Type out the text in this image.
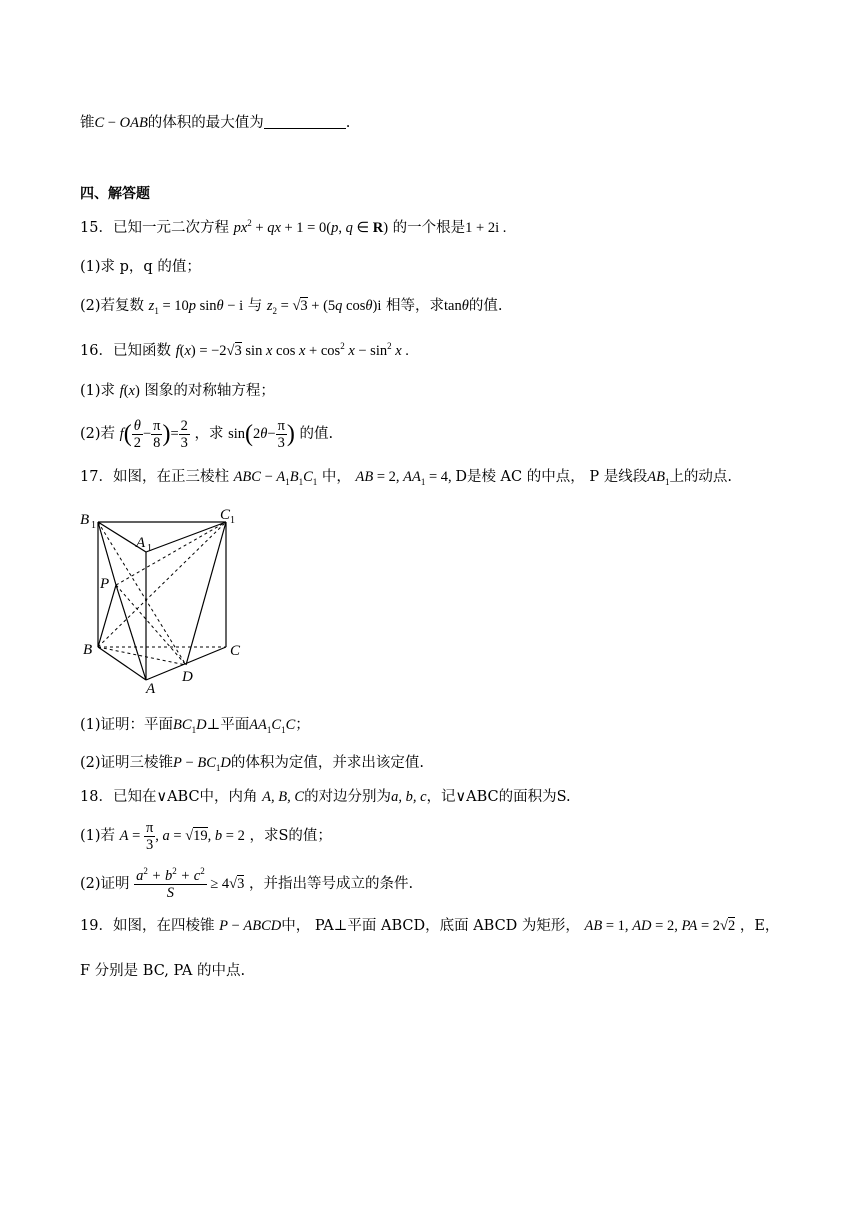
锥C − OAB的体积的最大值为	.
四、解答题
15．已知一元二次方程 $px^2$ + qx + 1 = 0(p, q ∈ R) 的一个根是1 + 2i .
(1)求 p，q 的值；
(2)若复数 $z_1 = 10p$ sinθ − i 与 $z_2 = √3 + (5q$ cosθ)i 相等，求tanθ的值.
16．已知函数 f(x) = −2√3 sin x $\cos x + \cos^2 x - \sin^2 x$ .
(1)求 f(x) 图象的对称轴方程；
(2)若 $f( \frac{\theta}{2} - \frac{\pi}{8}$ )= $\frac{2}{3}$ ，求 $\sin(2\theta- \frac{\pi}{3}$ ) 的值.
17．如图，在正三棱柱 ABC − $A_1B_1C_1$ 中， AB = 2, $AA_1 = 4$, D是棱 AC 的中点， P 是线段$AB_1$上的动点.
B 1
A 1
C 1
P
B	C
A
D
(1)证明：平面$BC_1D\perp$平面$AA_1C_1C$；
(2)证明三棱锥$P - BC_1D$的体积为定值，并求出该定值.
18．已知在∨ABC中，内角 A, B, C的对边分别为a, b, c，记∨ABC的面积为S.
(1)若 $A = \frac{\pi}{3}$ , a = √19, b = 2 ，求S的值；
(2)证明 $\frac{a^2 + b^2 + c^2}{S} \ge 4√3$ ，并指出等号成立的条件.
19．如图，在四棱锥 P − ABCD中， PA⊥平面 ABCD，底面 ABCD 为矩形， AB = 1, AD = 2, PA = 2√2 ，E，
F 分别是 BC, PA 的中点.
